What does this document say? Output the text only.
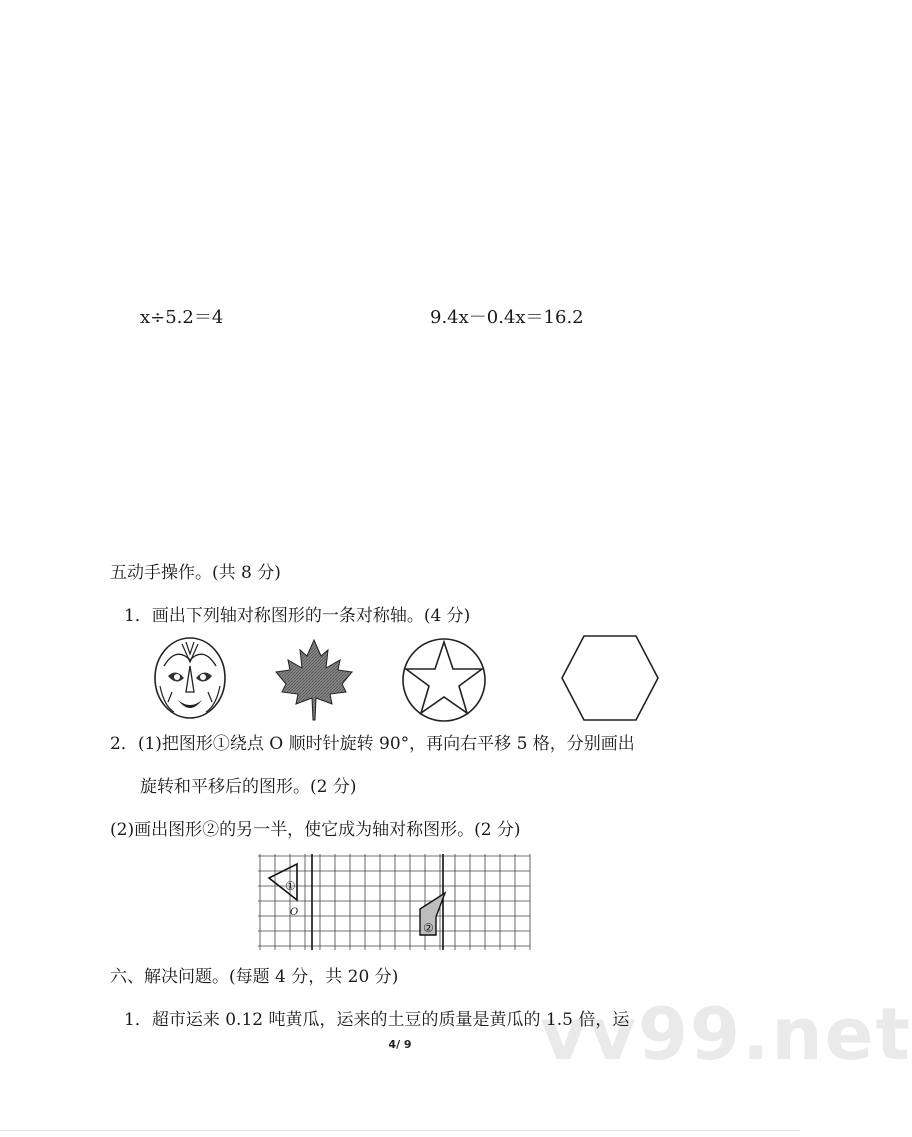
x÷5.2＝4	9.4x－0.4x＝16.2
五动手操作。(共 8 分)
1．画出下列轴对称图形的一条对称轴。(4 分)
2．(1)把图形①绕点 O 顺时针旋转 90°，再向右平移 5 格，分别画出
旋转和平移后的图形。(2 分)
(2)画出图形②的另一半，使它成为轴对称图形。(2 分)
①
②
O
六、解决问题。(每题 4 分，共 20 分)
1．超市运来 0.12 吨黄瓜，运来的土豆的质量是黄瓜的 1.5 倍，运
vv99.net
4/ 9
